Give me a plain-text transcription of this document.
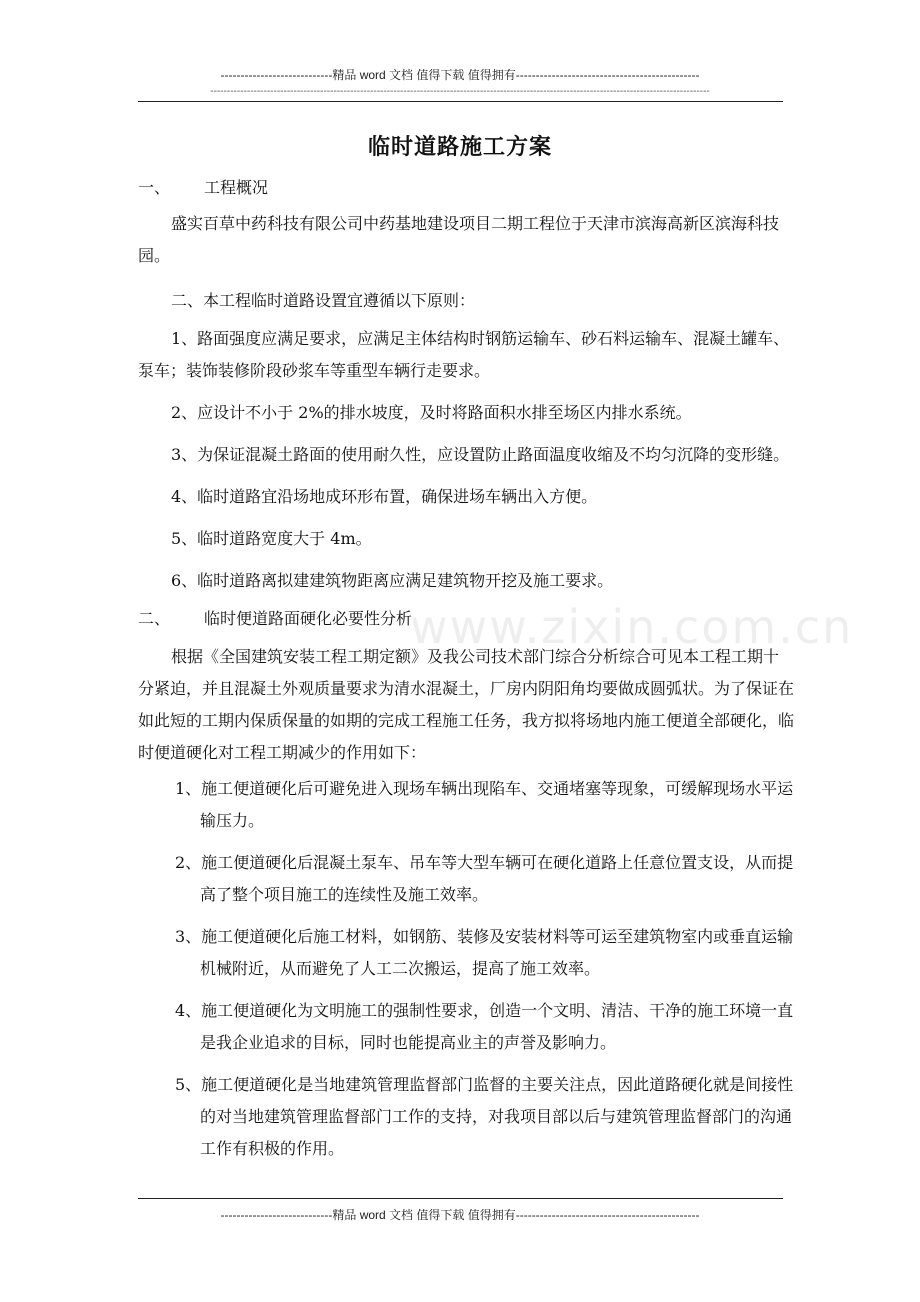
----------------------------精品 word 文档 值得下载 值得拥有----------------------------------------------
------------------------------------------------------------------------------------------------------------------------------------------------------
www.zixin.com.cn
临时道路施工方案

一、	工程概况

盛实百草中药科技有限公司中药基地建设项目二期工程位于天津市滨海高新区滨海科技园。

二、本工程临时道路设置宜遵循以下原则：

1、路面强度应满足要求，应满足主体结构时钢筋运输车、砂石料运输车、混凝土罐车、泵车；装饰装修阶段砂浆车等重型车辆行走要求。

2、应设计不小于 2%的排水坡度，及时将路面积水排至场区内排水系统。

3、为保证混凝土路面的使用耐久性，应设置防止路面温度收缩及不均匀沉降的变形缝。

4、临时道路宜沿场地成环形布置，确保进场车辆出入方便。

5、临时道路宽度大于 4m。

6、临时道路离拟建建筑物距离应满足建筑物开挖及施工要求。

二、	临时便道路面硬化必要性分析

根据《全国建筑安装工程工期定额》及我公司技术部门综合分析综合可见本工程工期十分紧迫，并且混凝土外观质量要求为清水混凝土，厂房内阴阳角均要做成圆弧状。为了保证在如此短的工期内保质保量的如期的完成工程施工任务，我方拟将场地内施工便道全部硬化，临时便道硬化对工程工期减少的作用如下：

1、施工便道硬化后可避免进入现场车辆出现陷车、交通堵塞等现象，可缓解现场水平运输压力。

2、施工便道硬化后混凝土泵车、吊车等大型车辆可在硬化道路上任意位置支设，从而提高了整个项目施工的连续性及施工效率。

3、施工便道硬化后施工材料，如钢筋、装修及安装材料等可运至建筑物室内或垂直运输机械附近，从而避免了人工二次搬运，提高了施工效率。

4、施工便道硬化为文明施工的强制性要求，创造一个文明、清洁、干净的施工环境一直是我企业追求的目标，同时也能提高业主的声誉及影响力。

5、施工便道硬化是当地建筑管理监督部门监督的主要关注点，因此道路硬化就是间接性的对当地建筑管理监督部门工作的支持，对我项目部以后与建筑管理监督部门的沟通工作有积极的作用。

----------------------------精品 word 文档 值得下载 值得拥有----------------------------------------------
